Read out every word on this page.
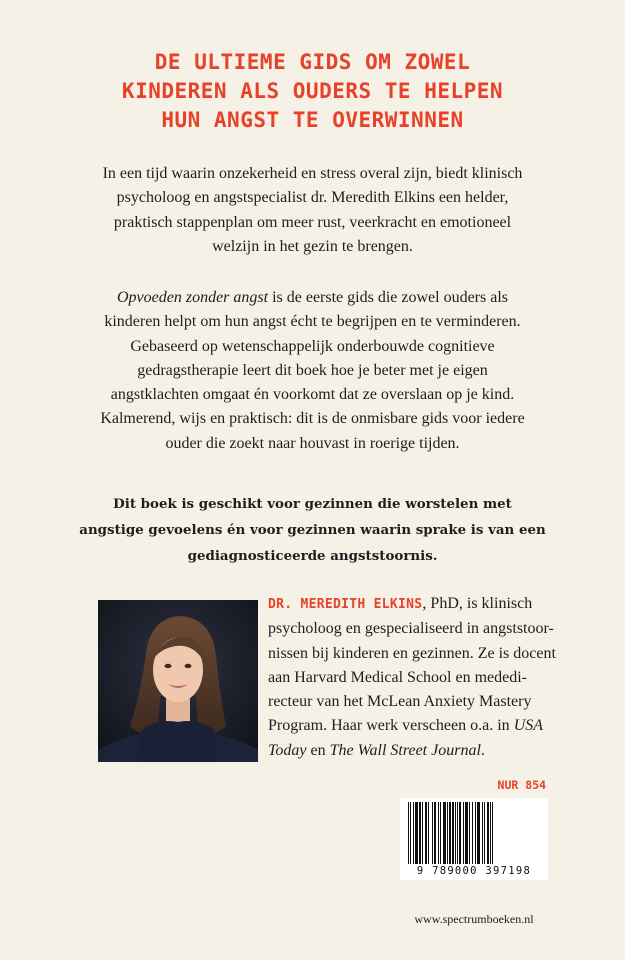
DE ULTIEME GIDS OM ZOWEL
KINDEREN ALS OUDERS TE HELPEN
HUN ANGST TE OVERWINNEN
In een tijd waarin onzekerheid en stress overal zijn, biedt klinisch
psycholoog en angstspecialist dr. Meredith Elkins een helder,
praktisch stappenplan om meer rust, veerkracht en emotioneel
welzijn in het gezin te brengen.
Opvoeden zonder angst is de eerste gids die zowel ouders als
kinderen helpt om hun angst écht te begrijpen en te verminderen.
Gebaseerd op wetenschappelijk onderbouwde cognitieve
gedragstherapie leert dit boek hoe je beter met je eigen
angstklachten omgaat én voorkomt dat ze overslaan op je kind.
Kalmerend, wijs en praktisch: dit is de onmisbare gids voor iedere
ouder die zoekt naar houvast in roerige tijden.
Dit boek is geschikt voor gezinnen die worstelen met
angstige gevoelens én voor gezinnen waarin sprake is van een
gediagnosticeerde angststoornis.
DR. MEREDITH ELKINS, PhD, is klinisch
psycholoog en gespecialiseerd in angststoor-
nissen bij kinderen en gezinnen. Ze is docent
aan Harvard Medical School en mededi-
recteur van het McLean Anxiety Mastery
Program. Haar werk verscheen o.a. in USA
Today en The Wall Street Journal.
NUR 854
9 789000 397198
www.spectrumboeken.nl
